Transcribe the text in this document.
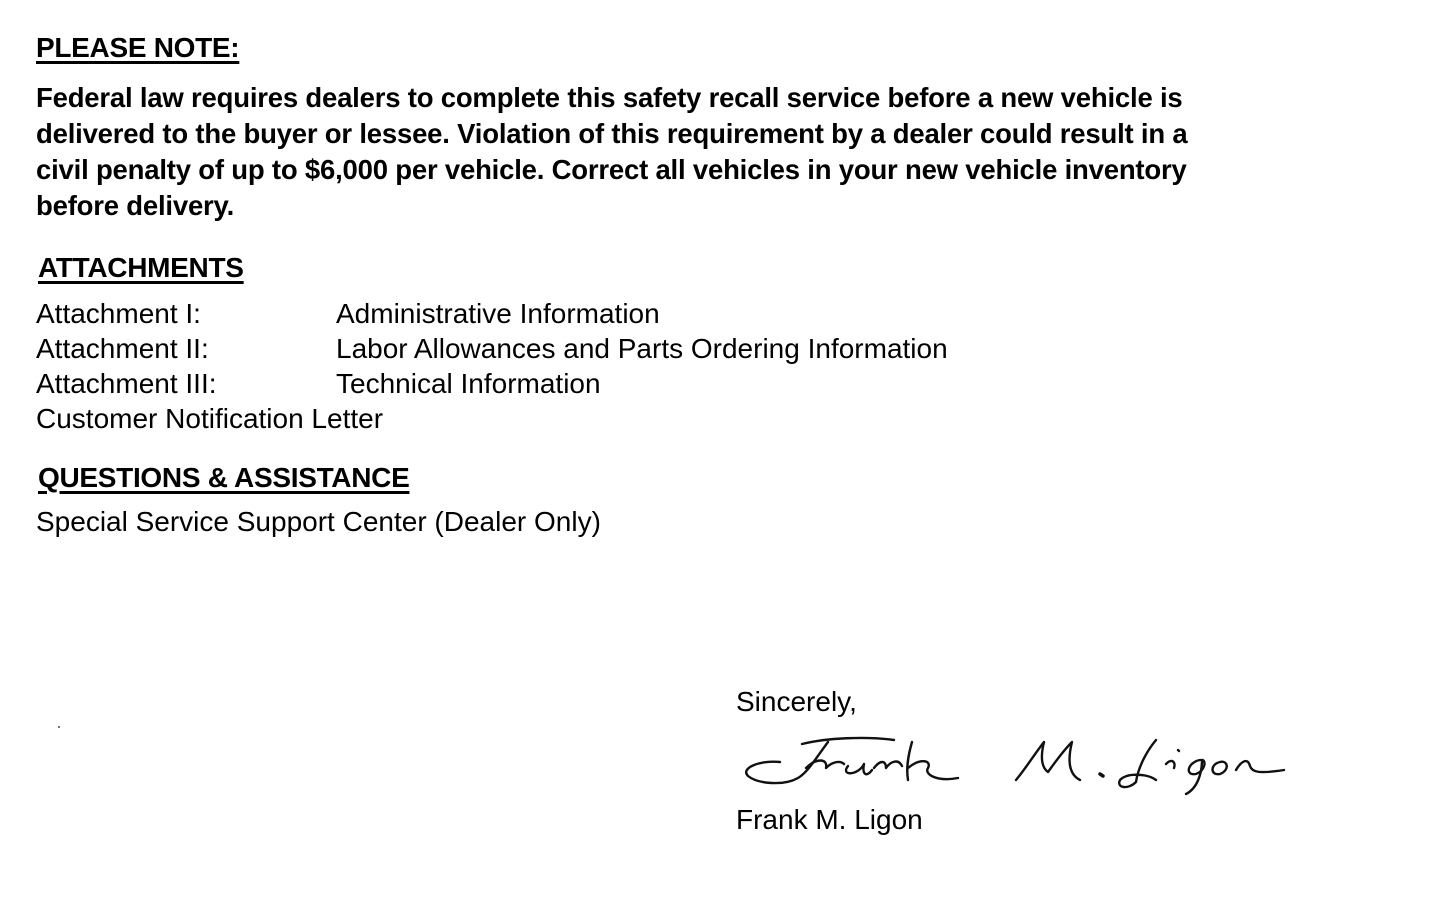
PLEASE NOTE:
Federal law requires dealers to complete this safety recall service before a new vehicle is
delivered to the buyer or lessee. Violation of this requirement by a dealer could result in a
civil penalty of up to $6,000 per vehicle. Correct all vehicles in your new vehicle inventory
before delivery.
ATTACHMENTS
Attachment I:	Administrative Information
Attachment II:	Labor Allowances and Parts Ordering Information
Attachment III:	Technical Information
Customer Notification Letter
QUESTIONS & ASSISTANCE
Special Service Support Center (Dealer Only)
Sincerely,
Frank M. Ligon
